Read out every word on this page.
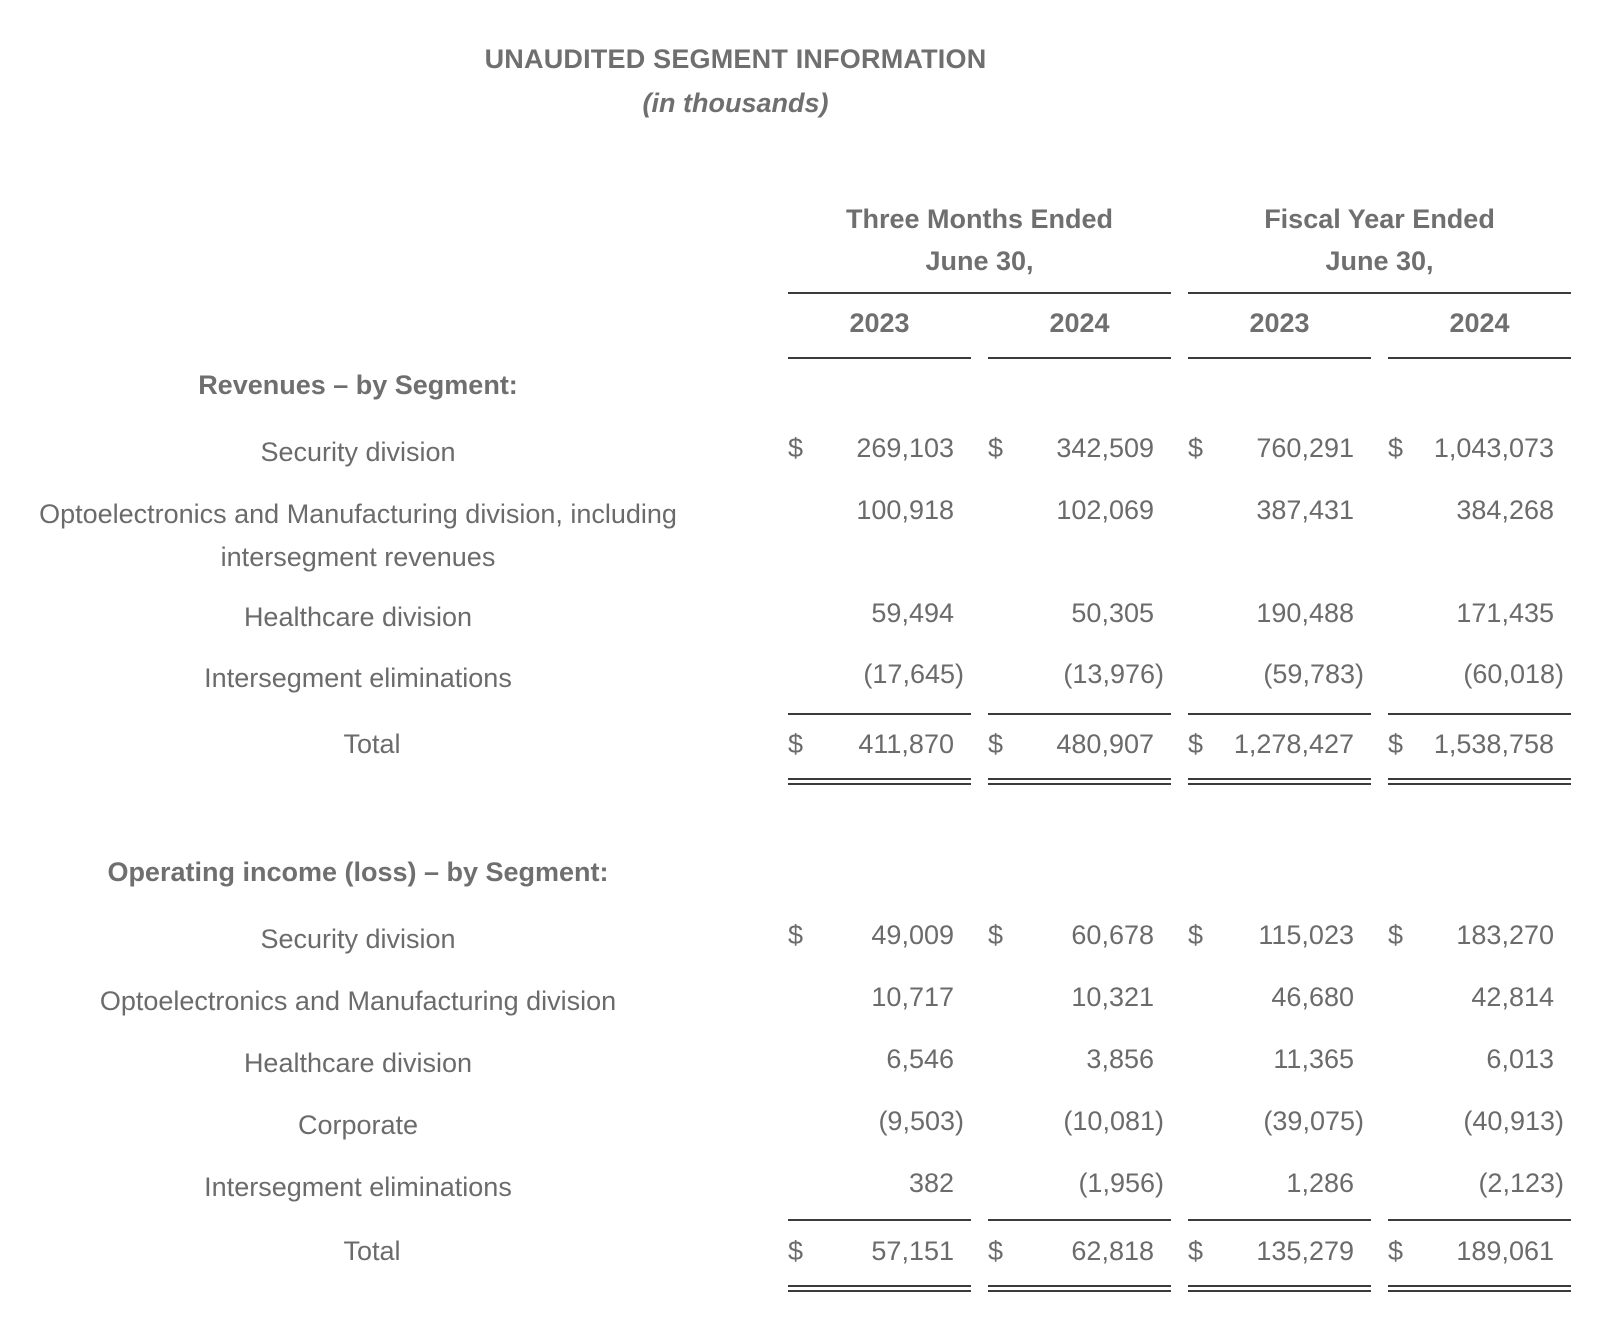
UNAUDITED SEGMENT INFORMATION
(in thousands)
Three Months Ended
June 30,
Fiscal Year Ended
June 30,
2023	2024	2023	2024
Revenues – by Segment:
Security division	$ 269,103 $ 342,509 $ 760,291 $ 1,043,073
Optoelectronics and Manufacturing division, including intersegment revenues
100,918	102,069	387,431	384,268
Healthcare division	59,494	50,305	190,488	171,435
Intersegment eliminations	(17,645)	(13,976)	(59,783)	(60,018)
Total	$ 411,870 $ 480,907 $ 1,278,427 $ 1,538,758
Operating income (loss) – by Segment:
Security division	$	49,009 $	60,678 $ 115,023 $ 183,270
Optoelectronics and Manufacturing division	10,717	10,321	46,680	42,814
Healthcare division	6,546	3,856	11,365	6,013
Corporate	(9,503)	(10,081)	(39,075)	(40,913)
Intersegment eliminations	382	(1,956)	1,286	(2,123)
Total	$	57,151 $	62,818 $ 135,279 $ 189,061
